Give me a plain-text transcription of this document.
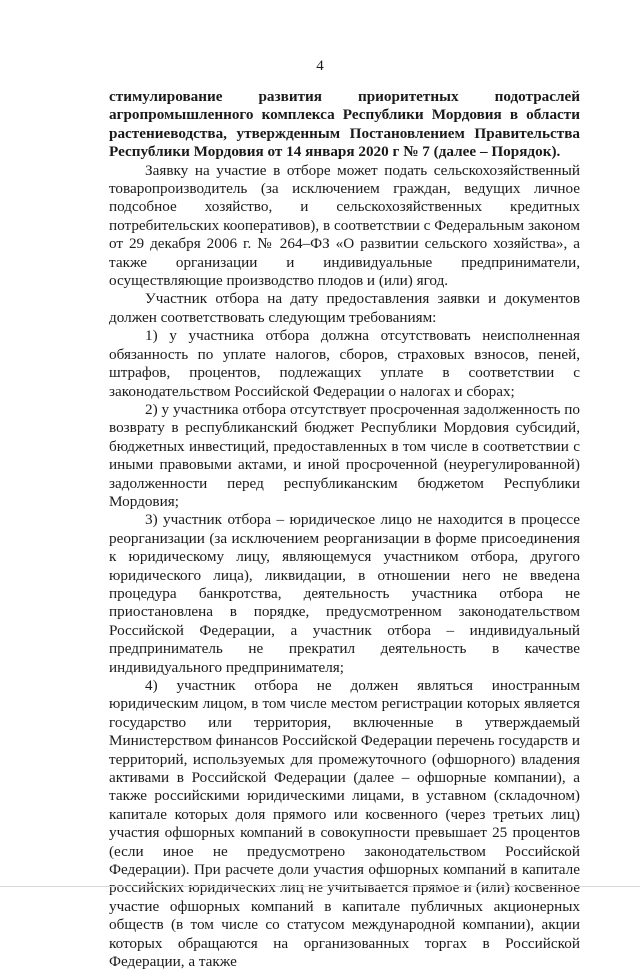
4

стимулирование развития приоритетных подотраслей агропромышленного комплекса Республики Мордовия в области растениеводства, утвержденным Постановлением Правительства Республики Мордовия от 14 января 2020 г № 7 (далее – Порядок).

Заявку на участие в отборе может подать сельскохозяйственный товаропроизводитель (за исключением граждан, ведущих личное подсобное хозяйство, и сельскохозяйственных кредитных потребительских кооперативов), в соответствии с Федеральным законом от 29 декабря 2006 г. № 264–ФЗ «О развитии сельского хозяйства», а также организации и индивидуальные предприниматели, осуществляющие производство плодов и (или) ягод.

Участник отбора на дату предоставления заявки и документов должен соответствовать следующим требованиям:

1) у участника отбора должна отсутствовать неисполненная обязанность по уплате налогов, сборов, страховых взносов, пеней, штрафов, процентов, подлежащих уплате в соответствии с законодательством Российской Федерации о налогах и сборах;

2) у участника отбора отсутствует просроченная задолженность по возврату в республиканский бюджет Республики Мордовия субсидий, бюджетных инвестиций, предоставленных в том числе в соответствии с иными правовыми актами, и иной просроченной (неурегулированной) задолженности перед республиканским бюджетом Республики Мордовия;

3) участник отбора – юридическое лицо не находится в процессе реорганизации (за исключением реорганизации в форме присоединения к юридическому лицу, являющемуся участником отбора, другого юридического лица), ликвидации, в отношении него не введена процедура банкротства, деятельность участника отбора не приостановлена в порядке, предусмотренном законодательством Российской Федерации, а участник отбора – индивидуальный предприниматель не прекратил деятельность в качестве индивидуального предпринимателя;

4) участник отбора не должен являться иностранным юридическим лицом, в том числе местом регистрации которых является государство или территория, включенные в утверждаемый Министерством финансов Российской Федерации перечень государств и территорий, используемых для промежуточного (офшорного) владения активами в Российской Федерации (далее – офшорные компании), а также российскими юридическими лицами, в уставном (складочном) капитале которых доля прямого или косвенного (через третьих лиц) участия офшорных компаний в совокупности превышает 25 процентов (если иное не предусмотрено законодательством Российской Федерации). При расчете доли участия офшорных компаний в капитале российских юридических лиц не учитывается прямое и (или) косвенное участие офшорных компаний в капитале публичных акционерных обществ (в том числе со статусом международной компании), акции которых обращаются на организованных торгах в Российской Федерации, а также
